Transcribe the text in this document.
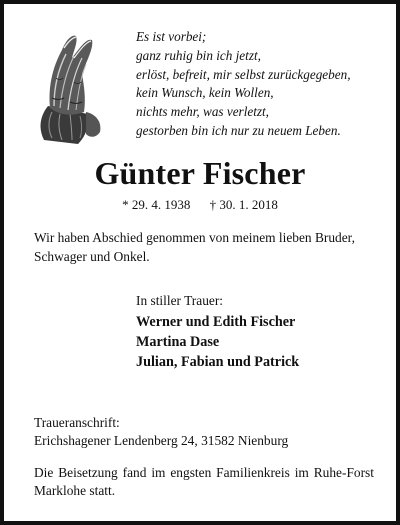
Es ist vorbei;
ganz ruhig bin ich jetzt,
erlöst, befreit, mir selbst zurückgegeben,
kein Wunsch, kein Wollen,
nichts mehr, was verletzt,
gestorben bin ich nur zu neuem Leben.
Günter Fischer
* 29. 4. 1938 † 30. 1. 2018
Wir haben Abschied genommen von meinem lieben Bruder, Schwager und Onkel.
In stiller Trauer:
Werner und Edith Fischer
Martina Dase
Julian, Fabian und Patrick
Traueranschrift:
Erichshagener Lendenberg 24, 31582 Nienburg
Die Beisetzung fand im engsten Familienkreis im Ruhe-Forst Marklohe statt.
